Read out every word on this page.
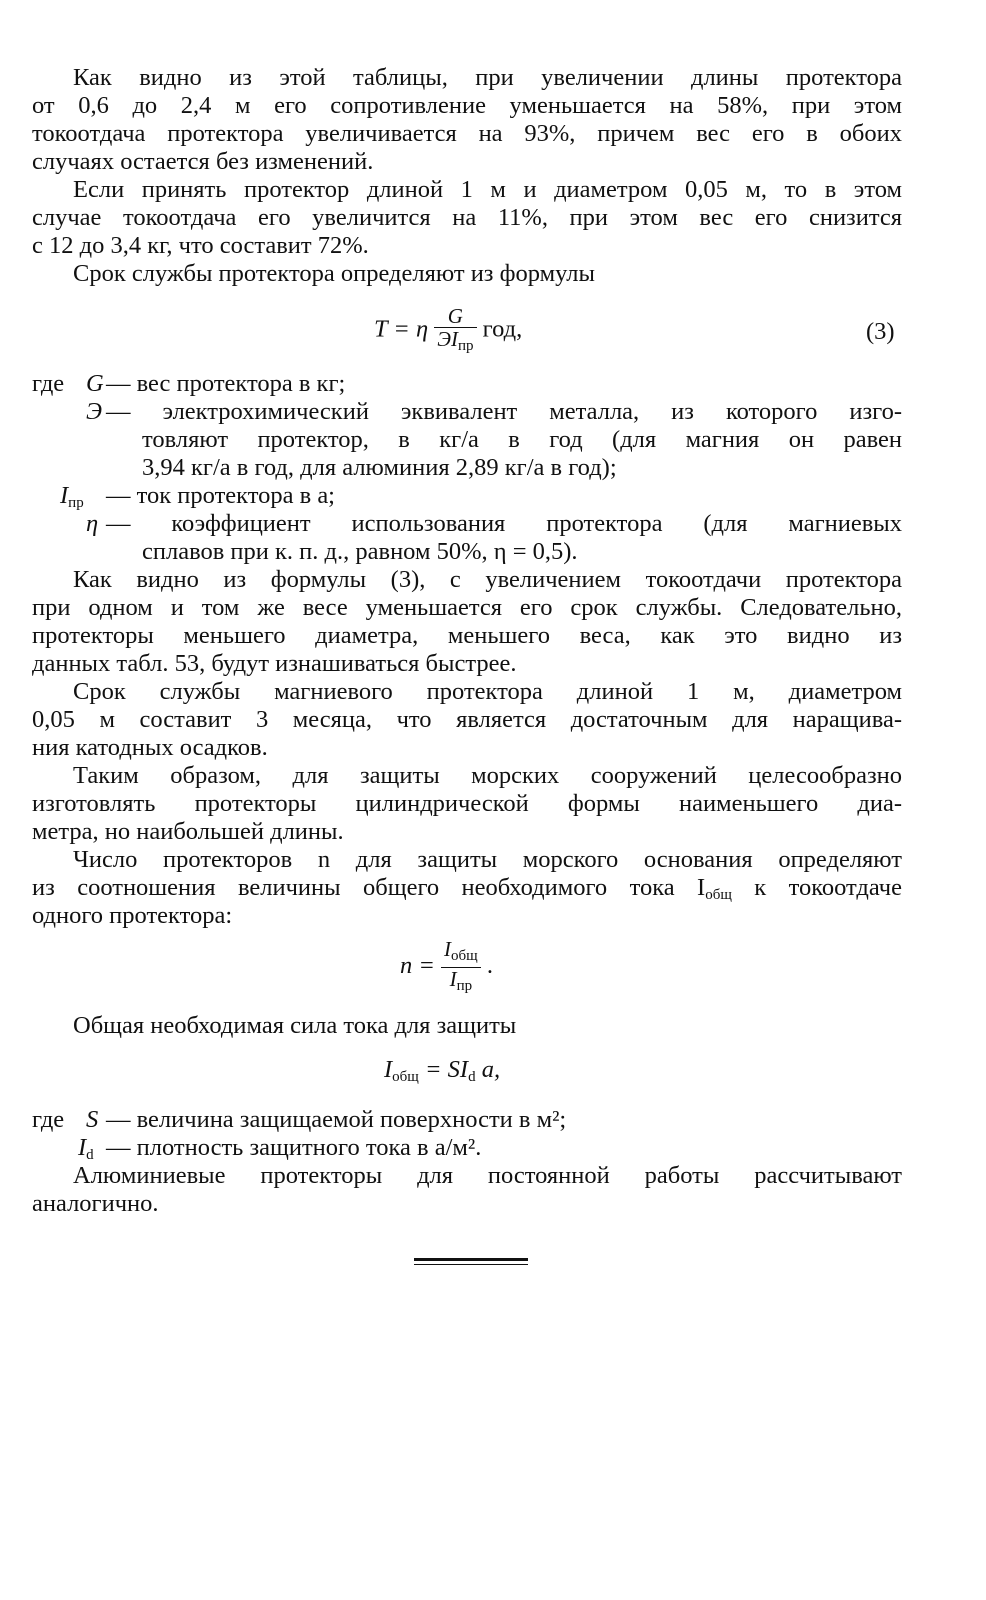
Как видно из этой таблицы, при увеличении длины протектора
от 0,6 до 2,4 м его сопротивление уменьшается на 58%, при этом
токоотдача протектора увеличивается на 93%, причем вес его в обоих
случаях остается без изменений.
Если принять протектор длиной 1 м и диаметром 0,05 м, то в этом
случае токоотдача его увеличится на 11%, при этом вес его снизится
с 12 до 3,4 кг, что составит 72%.
Срок службы протектора определяют из формулы
T = η $\frac{G}{ЭI_{пр}}$ год,	(3)
где G — вес протектора в кг;
Э — электрохимический эквивалент металла, из которого изго-
товляют протектор, в кг/а в год (для магния он равен
3,94 кг/а в год, для алюминия 2,89 кг/а в год);
$I_{пр}$ — ток протектора в а;
η — коэффициент использования протектора (для магниевых
сплавов при к. п. д., равном 50%, η = 0,5).
Как видно из формулы (3), с увеличением токоотдачи протектора
при одном и том же весе уменьшается его срок службы. Следовательно,
протекторы меньшего диаметра, меньшего веса, как это видно из
данных табл. 53, будут изнашиваться быстрее.
Срок службы магниевого протектора длиной 1 м, диаметром
0,05 м составит 3 месяца, что является достаточным для наращива-
ния катодных осадков.
Таким образом, для защиты морских сооружений целесообразно
изготовлять протекторы цилиндрической формы наименьшего диа-
метра, но наибольшей длины.
Число протекторов n для защиты морского основания определяют
из соотношения величины общего необходимого тока $I_{общ}$ к токоотдаче
одного протектора:
$n = \frac{I_{общ}}{I_{пр}}$ .
Общая необходимая сила тока для защиты
$I_{общ} = SI_d$ a,
где S — величина защищаемой поверхности в м²;
$I_d$ — плотность защитного тока в а/м².
Алюминиевые протекторы для постоянной работы рассчитывают
аналогично.
